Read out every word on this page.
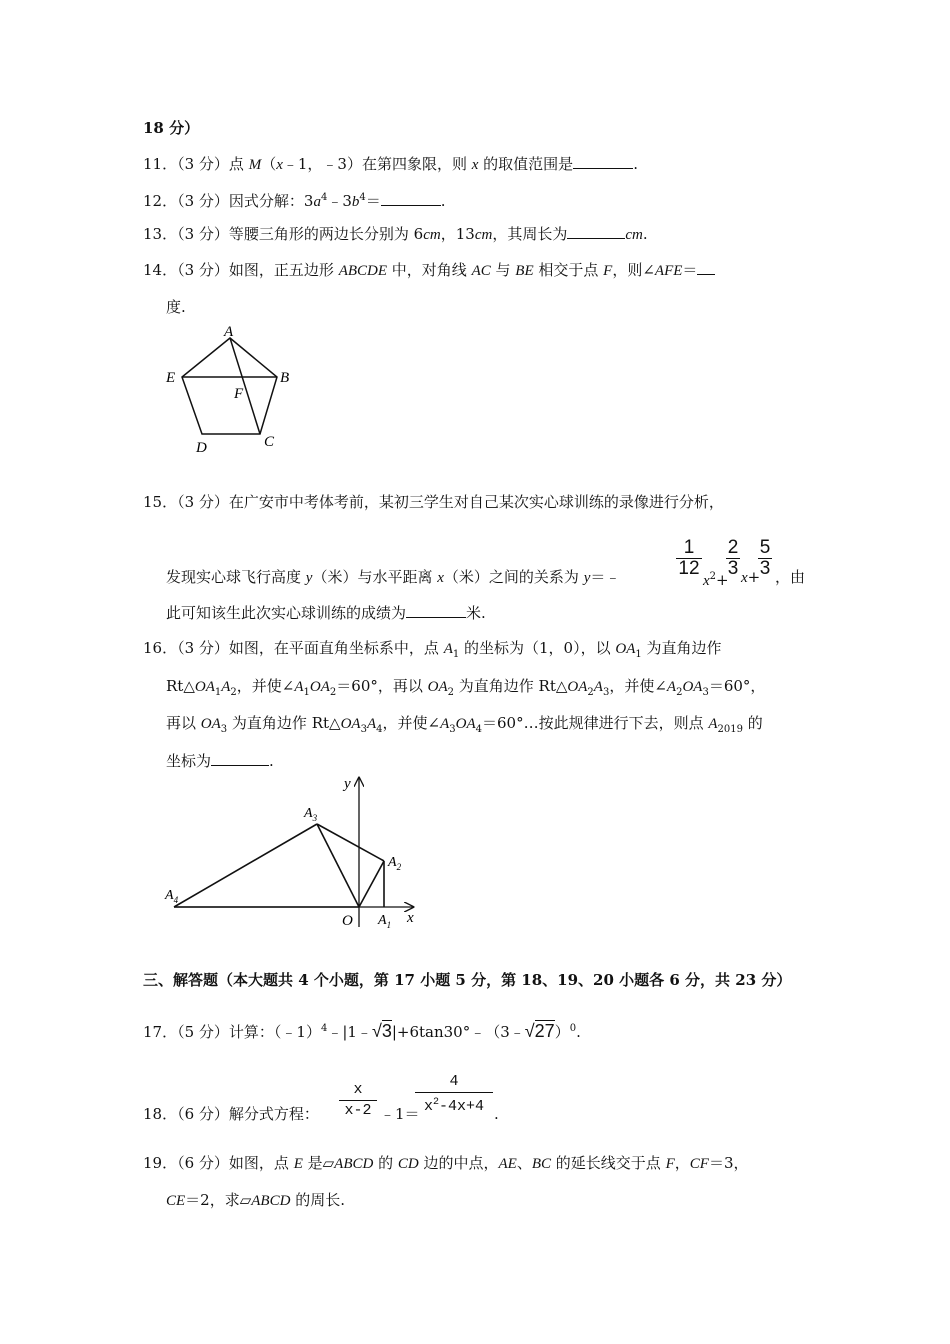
18 分）
11．（3 分）点 M（x﹣1，﹣3）在第四象限，则 x 的取值范围是	.
12．（3 分）因式分解：$3a^4﹣3b^4=$	.
13．（3 分）等腰三角形的两边长分别为 6cm，13cm，其周长为	cm.
14．（3 分）如图，正五边形 ABCDE 中，对角线 AC 与 BE 相交于点 F，则∠AFE＝
度.
A
E
F
B
D	C
15．（3 分）在广安市中考体考前，某初三学生对自己某次实心球训练的录像进行分析，
发现实心球飞行高度 y（米）与水平距离 x（米）之间的关系为 y＝﹣
1
12
$x^2+$
2
3 x+
5
3 ，由
此可知该生此次实心球训练的成绩为	米.
16．（3 分）如图，在平面直角坐标系中，点 $A_1$ 的坐标为（1，0），以 $OA_1$ 为直角边作
$Rt\triangle OA_1A_2$，并使$\angle A_1OA_2=60^\circ$，再以 $OA_2$ 为直角边作 $Rt\triangle OA_2A_3$，并使$\angle A_2OA_3=60^\circ$，
再以 $OA_3$ 为直角边作 $Rt\triangle OA_3A_4$，并使$\angle A_3OA_4=60^\circ\dots$按此规律进行下去，则点 $A_{2019}$ 的
坐标为	.
y
$A_3$
$A_2$
$A_4$
O $A_1$ x
三、解答题（本大题共 4 个小题，第 17 小题 5 分，第 18、19、20 小题各 6 分，共 23 分）
17．（5 分）计算：（﹣1）$^4$﹣|1﹣√3|+6tan30°﹣（3﹣√27）$^0$.
18．（6 分）解分式方程：
x
x-2 ﹣1＝
4
$x^2-4x+4$ .
19．（6 分）如图，点 E 是▱ABCD 的 CD 边的中点，AE、BC 的延长线交于点 F，CF＝3，
CE＝2，求▱ABCD 的周长.
